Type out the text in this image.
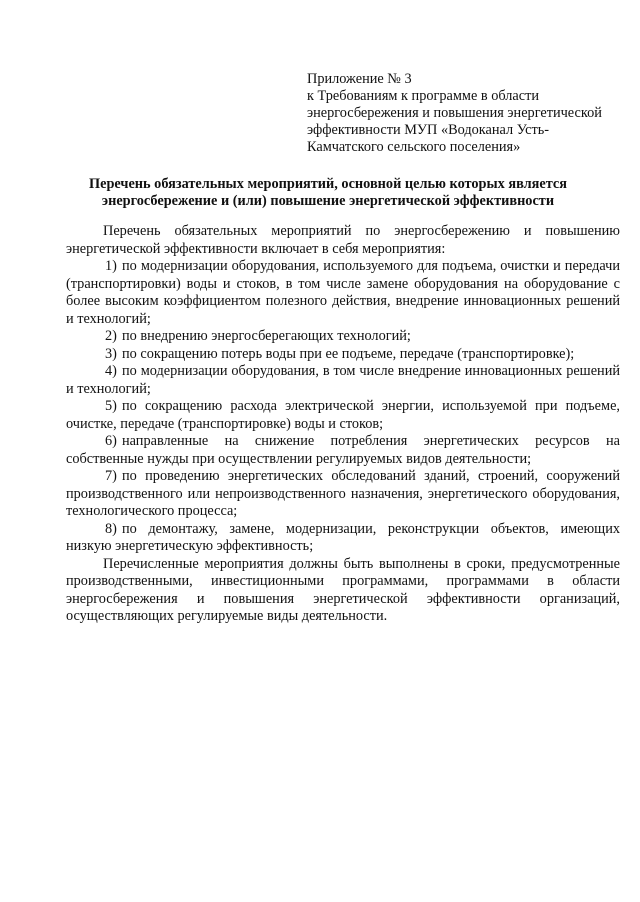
Приложение № 3
к Требованиям к программе в области
энергосбережения и повышения энергетической
эффективности МУП «Водоканал Усть-
Камчатского сельского поселения»
Перечень обязательных мероприятий, основной целью которых является
энергосбережение и (или) повышение энергетической эффективности

Перечень обязательных мероприятий по энергосбережению и повышению энергетической эффективности включает в себя мероприятия:

1) по модернизации оборудования, используемого для подъема, очистки и передачи (транспортировки) воды и стоков, в том числе замене оборудования на оборудование с более высоким коэффициентом полезного действия, внедрение инновационных решений и технологий;

2) по внедрению энергосберегающих технологий;

3) по сокращению потерь воды при ее подъеме, передаче (транспортировке);

4) по модернизации оборудования, в том числе внедрение инновационных решений и технологий;

5) по сокращению расхода электрической энергии, используемой при подъеме, очистке, передаче (транспортировке) воды и стоков;

6) направленные на снижение потребления энергетических ресурсов на собственные нужды при осуществлении регулируемых видов деятельности;

7) по проведению энергетических обследований зданий, строений, сооружений производственного или непроизводственного назначения, энергетического оборудования, технологического процесса;

8) по демонтажу, замене, модернизации, реконструкции объектов, имеющих низкую энергетическую эффективность;

Перечисленные мероприятия должны быть выполнены в сроки, предусмотренные производственными, инвестиционными программами, программами в области энергосбережения и повышения энергетической эффективности организаций, осуществляющих регулируемые виды деятельности.
